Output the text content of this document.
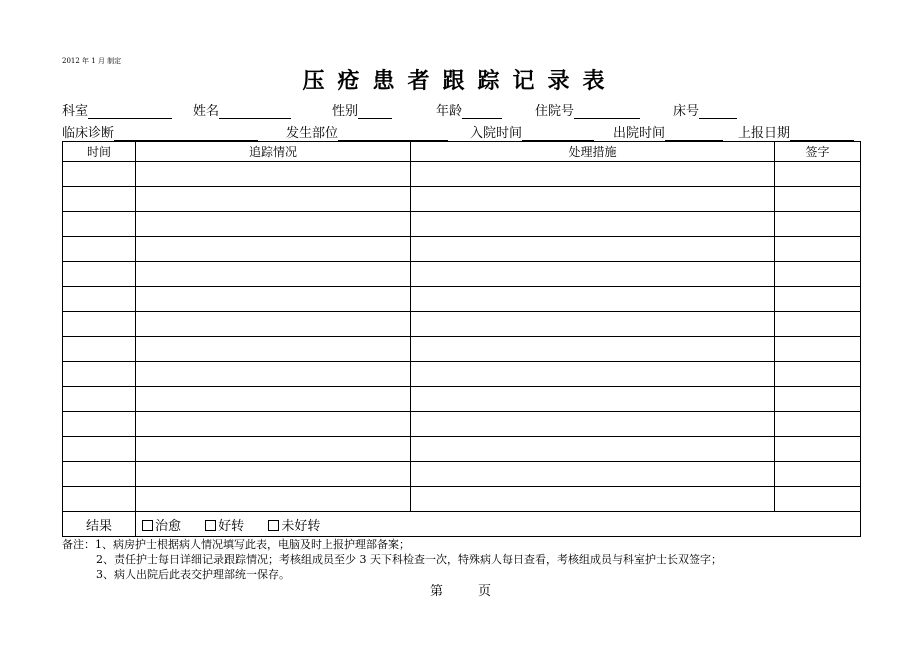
2012 年 1 月 制定
压疮患者跟踪记录表
科室	姓名	性别	年龄	住院号	床号
临床诊断	发生部位	入院时间	出院时间	上报日期
时间	追踪情况	处理措施	签字

结果	治愈 好转 未好转		
备注：1、病房护士根据病人情况填写此表，电脑及时上报护理部备案；
2、责任护士每日详细记录跟踪情况；考核组成员至少 3 天下科检查一次，特殊病人每日查看，考核组成员与科室护士长双签字；
3、病人出院后此表交护理部统一保存。
第	页
